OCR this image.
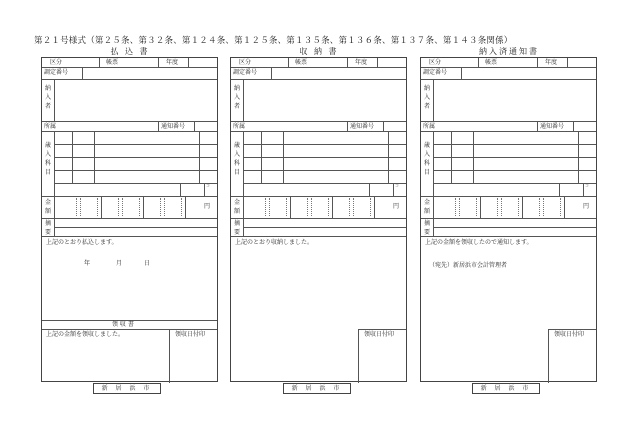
第２１号様式（第２５条、第３２条、第１２４条、第１２５条、第１３５条、第１３６条、第１３７条、第１４３条関係）
払 込 書	収 納 書	納入済通知書
区分	帳票	年度
調定番号
納
入
者
所属	通知番号
歳
入
科
目
コ
金
額
円
摘
要
上記のとおり払込します。
年	月	日
領 収 書
上記の金額を領収しました。	領収日付印
区分	帳票	年度
調定番号
納
入
者
所属	通知番号
歳
入
科
目
コ
金
額
円
摘
要
上記のとおり収納しました。
領収日付印
区分	帳票	年度
調定番号
納
入
者
所属	通知番号
歳
入
科
目
コ
金
額
円
摘
要
上記の金額を領収したので通知します。
領収日付印
（宛先）新居浜市会計管理者
新 居 浜 市	新 居 浜 市	新 居 浜 市
